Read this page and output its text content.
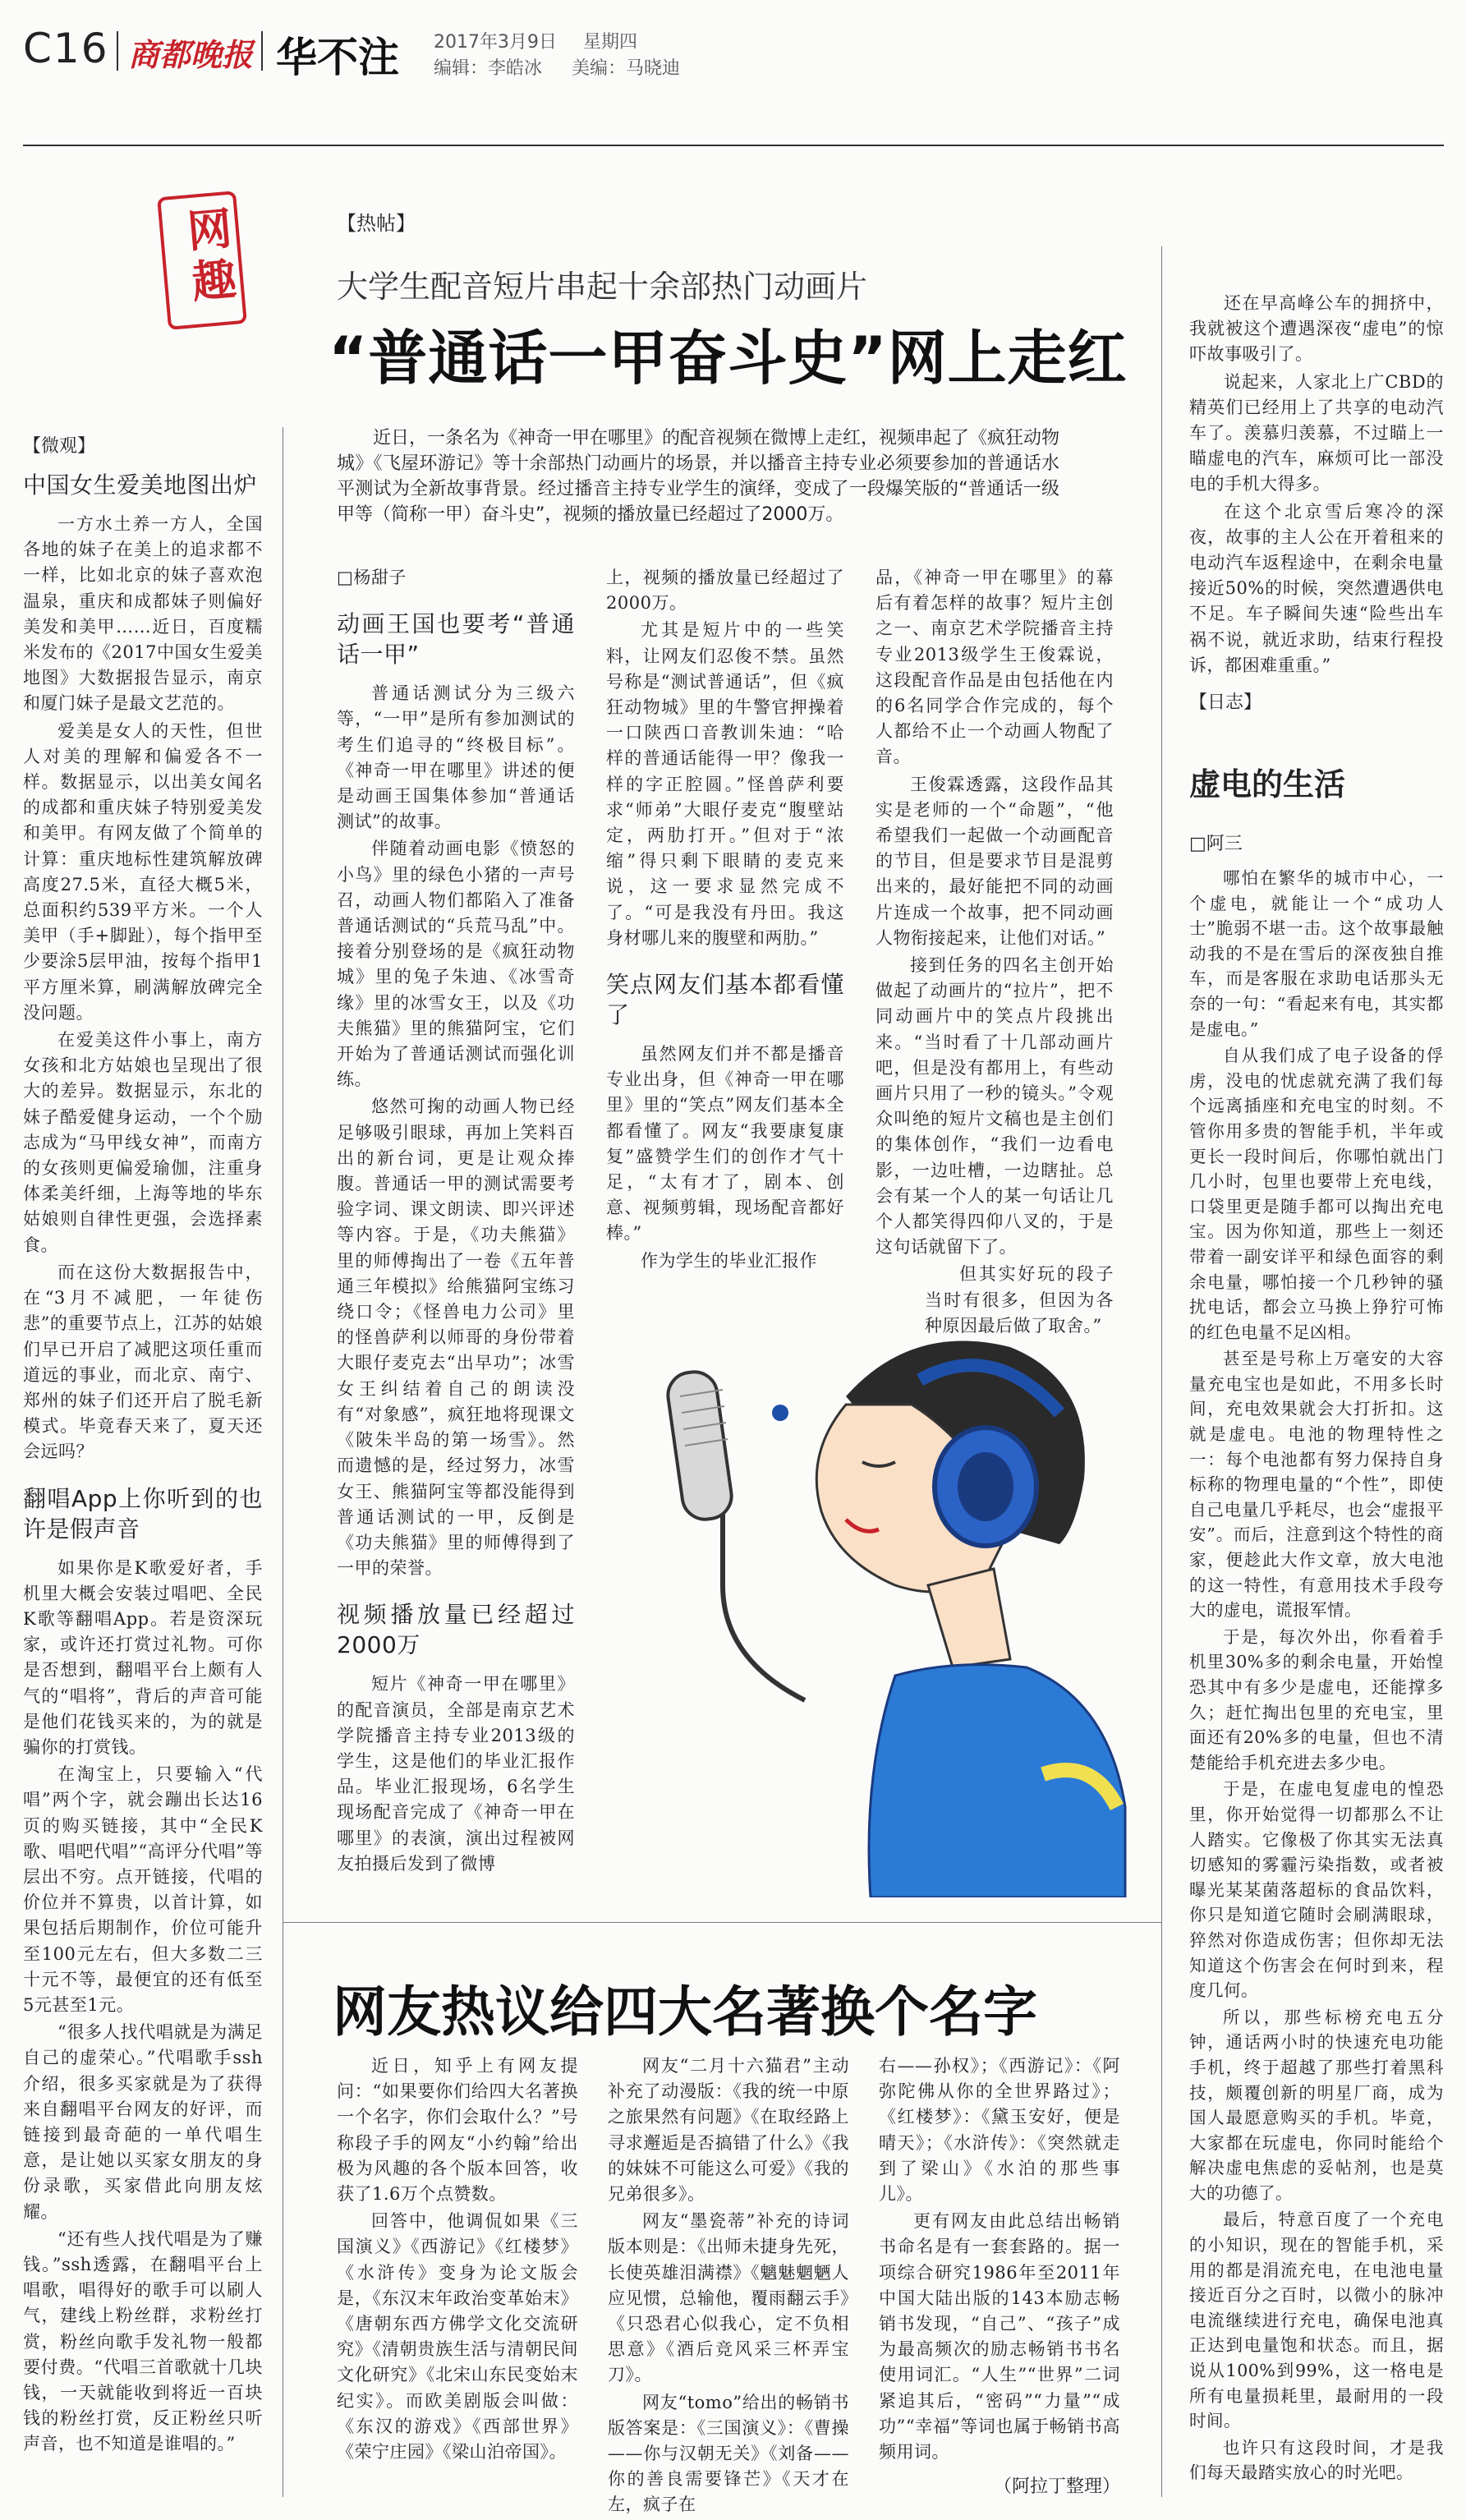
C16 商都晚报 华不注 2017年3月9日 星期四
编辑：李皓冰 美编：马晓迪
网趣
【微观】
中国女生爱美地图出炉

一方水土养一方人，全国各地的妹子在美上的追求都不一样，比如北京的妹子喜欢泡温泉，重庆和成都妹子则偏好美发和美甲……近日，百度糯米发布的《2017中国女生爱美地图》大数据报告显示，南京和厦门妹子是最文艺范的。

爱美是女人的天性，但世人对美的理解和偏爱各不一样。数据显示，以出美女闻名的成都和重庆妹子特别爱美发和美甲。有网友做了个简单的计算：重庆地标性建筑解放碑高度27.5米，直径大概5米，总面积约539平方米。一个人美甲（手+脚趾），每个指甲至少要涂5层甲油，按每个指甲1平方厘米算，刷满解放碑完全没问题。

在爱美这件小事上，南方女孩和北方姑娘也呈现出了很大的差异。数据显示，东北的妹子酷爱健身运动，一个个励志成为“马甲线女神”，而南方的女孩则更偏爱瑜伽，注重身体柔美纤细，上海等地的毕东姑娘则自律性更强，会选择素食。

而在这份大数据报告中，在“3月不减肥，一年徒伤悲”的重要节点上，江苏的姑娘们早已开启了减肥这项任重而道远的事业，而北京、南宁、郑州的妹子们还开启了脱毛新模式。毕竟春天来了，夏天还会远吗？

翻唱App上你听到的也许是假声音

如果你是K歌爱好者，手机里大概会安装过唱吧、全民K歌等翻唱App。若是资深玩家，或许还打赏过礼物。可你是否想到，翻唱平台上颇有人气的“唱将”，背后的声音可能是他们花钱买来的，为的就是骗你的打赏钱。

在淘宝上，只要输入“代唱”两个字，就会蹦出长达16页的购买链接，其中“全民K歌、唱吧代唱”“高评分代唱”等层出不穷。点开链接，代唱的价位并不算贵，以首计算，如果包括后期制作，价位可能升至100元左右，但大多数二三十元不等，最便宜的还有低至5元甚至1元。

“很多人找代唱就是为满足自己的虚荣心。”代唱歌手ssh介绍，很多买家就是为了获得来自翻唱平台网友的好评，而链接到最奇葩的一单代唱生意，是让她以买家女朋友的身份录歌，买家借此向朋友炫耀。

“还有些人找代唱是为了赚钱。”ssh透露，在翻唱平台上唱歌，唱得好的歌手可以刷人气，建线上粉丝群，求粉丝打赏，粉丝向歌手发礼物一般都要付费。“代唱三首歌就十几块钱，一天就能收到将近一百块钱的粉丝打赏，反正粉丝只听声音，也不知道是谁唱的。”

【热帖】
大学生配音短片串起十余部热门动画片
“普通话一甲奋斗史”网上走红
近日，一条名为《神奇一甲在哪里》的配音视频在微博上走红，视频串起了《疯狂动物城》《飞屋环游记》等十余部热门动画片的场景，并以播音主持专业必须要参加的普通话水平测试为全新故事背景。经过播音主持专业学生的演绎，变成了一段爆笑版的“普通话一级甲等（简称一甲）奋斗史”，视频的播放量已经超过了2000万。
□杨甜子
动画王国也要考“普通话一甲”

普通话测试分为三级六等，“一甲”是所有参加测试的考生们追寻的“终极目标”。《神奇一甲在哪里》讲述的便是动画王国集体参加“普通话测试”的故事。

伴随着动画电影《愤怒的小鸟》里的绿色小猪的一声号召，动画人物们都陷入了准备普通话测试的“兵荒马乱”中。接着分别登场的是《疯狂动物城》里的兔子朱迪、《冰雪奇缘》里的冰雪女王，以及《功夫熊猫》里的熊猫阿宝，它们开始为了普通话测试而强化训练。

悠然可掬的动画人物已经足够吸引眼球，再加上笑料百出的新台词，更是让观众捧腹。普通话一甲的测试需要考验字词、课文朗读、即兴评述等内容。于是，《功夫熊猫》里的师傅掏出了一卷《五年普通三年模拟》给熊猫阿宝练习绕口令；《怪兽电力公司》里的怪兽萨利以师哥的身份带着大眼仔麦克去“出早功”；冰雪女王纠结着自己的朗读没有“对象感”，疯狂地将现课文《陂朱半岛的第一场雪》。然而遗憾的是，经过努力，冰雪女王、熊猫阿宝等都没能得到普通话测试的一甲，反倒是《功夫熊猫》里的师傅得到了一甲的荣誉。

视频播放量已经超过2000万

短片《神奇一甲在哪里》的配音演员，全部是南京艺术学院播音主持专业2013级的学生，这是他们的毕业汇报作品。毕业汇报现场，6名学生现场配音完成了《神奇一甲在哪里》的表演，演出过程被网友拍摄后发到了微博

上，视频的播放量已经超过了2000万。

尤其是短片中的一些笑料，让网友们忍俊不禁。虽然号称是“测试普通话”，但《疯狂动物城》里的牛警官押操着一口陕西口音教训朱迪：“哈样的普通话能得一甲？像我一样的字正腔圆。”怪兽萨利要求“师弟”大眼仔麦克“腹壁站定，两肋打开。”但对于“浓缩”得只剩下眼睛的麦克来说，这一要求显然完成不了。“可是我没有丹田。我这身材哪儿来的腹壁和两肋。”

笑点网友们基本都看懂了

虽然网友们并不都是播音专业出身，但《神奇一甲在哪里》里的“笑点”网友们基本全都看懂了。网友“我要康复康复”盛赞学生们的创作才气十足，“太有才了，剧本、创意、视频剪辑，现场配音都好棒。”

作为学生的毕业汇报作

品，《神奇一甲在哪里》的幕后有着怎样的故事？短片主创之一、南京艺术学院播音主持专业2013级学生王俊霖说，这段配音作品是由包括他在内的6名同学合作完成的，每个人都给不止一个动画人物配了音。

王俊霖透露，这段作品其实是老师的一个“命题”，“他希望我们一起做一个动画配音的节目，但是要求节目是混剪出来的，最好能把不同的动画片连成一个故事，把不同动画人物衔接起来，让他们对话。”

接到任务的四名主创开始做起了动画片的“拉片”，把不同动画片中的笑点片段挑出来。“当时看了十几部动画片吧，但是没有都用上，有些动画片只用了一秒的镜头。”令观众叫绝的短片文稿也是主创们的集体创作，“我们一边看电影，一边吐槽，一边瞎扯。总会有某一个人的某一句话让几个人都笑得四仰八叉的，于是这句话就留下了。

但其实好玩的段子当时有很多，但因为各种原因最后做了取舍。”

网友热议给四大名著换个名字

近日，知乎上有网友提问：“如果要你们给四大名著换一个名字，你们会取什么？”号称段子手的网友“小约翰”给出极为风趣的各个版本回答，收获了1.6万个点赞数。

回答中，他调侃如果《三国演义》《西游记》《红楼梦》《水浒传》变身为论文版会是，《东汉末年政治变革始末》《唐朝东西方佛学文化交流研究》《清朝贵族生活与清朝民间文化研究》《北宋山东民变始末纪实》。而欧美剧版会叫做：《东汉的游戏》《西部世界》《荣宁庄园》《梁山泊帝国》。

网友“二月十六猫君”主动补充了动漫版：《我的统一中原之旅果然有问题》《在取经路上寻求邂逅是否搞错了什么》《我的妹妹不可能这么可爱》《我的兄弟很多》。

网友“墨瓷蒂”补充的诗词版本则是：《出师未捷身先死，长使英雄泪满襟》《魑魅魍魉人应见惯，总输他，覆雨翻云手》《只恐君心似我心，定不负相思意》《酒后竞风采三杯弄宝刀》。

网友“tomo”给出的畅销书版答案是：《三国演义》：《曹操——你与汉朝无关》《刘备——你的善良需要锋芒》《天才在左，疯子在

右——孙权》；《西游记》：《阿弥陀佛从你的全世界路过》；《红楼梦》：《黛玉安好，便是晴天》；《水浒传》：《突然就走到了梁山》《水泊的那些事儿》。

更有网友由此总结出畅销书命名是有一套套路的。据一项综合研究1986年至2011年中国大陆出版的143本励志畅销书发现，“自己”、“孩子”成为最高频次的励志畅销书书名使用词汇。“人生”“世界”二词紧追其后，“密码”“力量”“成功”“幸福”等词也属于畅销书高频用词。

（阿拉丁整理）

还在早高峰公车的拥挤中，我就被这个遭遇深夜“虚电”的惊吓故事吸引了。

说起来，人家北上广CBD的精英们已经用上了共享的电动汽车了。羡慕归羡慕，不过瞄上一瞄虚电的汽车，麻烦可比一部没电的手机大得多。

在这个北京雪后寒冷的深夜，故事的主人公在开着租来的电动汽车返程途中，在剩余电量接近50%的时候，突然遭遇供电不足。车子瞬间失速“险些出车祸不说，就近求助，结束行程投诉，都困难重重。”

【日志】
虚电的生活
□阿三

哪怕在繁华的城市中心，一个虚电，就能让一个“成功人士”脆弱不堪一击。这个故事最触动我的不是在雪后的深夜独自推车，而是客服在求助电话那头无奈的一句：“看起来有电，其实都是虚电。”

自从我们成了电子设备的俘虏，没电的忧虑就充满了我们每个远离插座和充电宝的时刻。不管你用多贵的智能手机，半年或更长一段时间后，你哪怕就出门几小时，包里也要带上充电线，口袋里更是随手都可以掏出充电宝。因为你知道，那些上一刻还带着一副安详平和绿色面容的剩余电量，哪怕接一个几秒钟的骚扰电话，都会立马换上狰狞可怖的红色电量不足凶相。

甚至是号称上万毫安的大容量充电宝也是如此，不用多长时间，充电效果就会大打折扣。这就是虚电。电池的物理特性之一：每个电池都有努力保持自身标称的物理电量的“个性”，即使自己电量几乎耗尽，也会“虚报平安”。而后，注意到这个特性的商家，便趁此大作文章，放大电池的这一特性，有意用技术手段夸大的虚电，谎报军情。

于是，每次外出，你看着手机里30%多的剩余电量，开始惶恐其中有多少是虚电，还能撑多久；赶忙掏出包里的充电宝，里面还有20%多的电量，但也不清楚能给手机充进去多少电。

于是，在虚电复虚电的惶恐里，你开始觉得一切都那么不让人踏实。它像极了你其实无法真切感知的雾霾污染指数，或者被曝光某某菌落超标的食品饮料，你只是知道它随时会刷满眼球，猝然对你造成伤害；但你却无法知道这个伤害会在何时到来，程度几何。

所以，那些标榜充电五分钟，通话两小时的快速充电功能手机，终于超越了那些打着黑科技，颇覆创新的明星厂商，成为国人最愿意购买的手机。毕竟，大家都在玩虚电，你同时能给个解决虚电焦虑的妥帖剂，也是莫大的功德了。

最后，特意百度了一个充电的小知识，现在的智能手机，采用的都是涓流充电，在电池电量接近百分之百时，以微小的脉冲电流继续进行充电，确保电池真正达到电量饱和状态。而且，据说从100%到99%，这一格电是所有电量损耗里，最耐用的一段时间。

也许只有这段时间，才是我们每天最踏实放心的时光吧。
